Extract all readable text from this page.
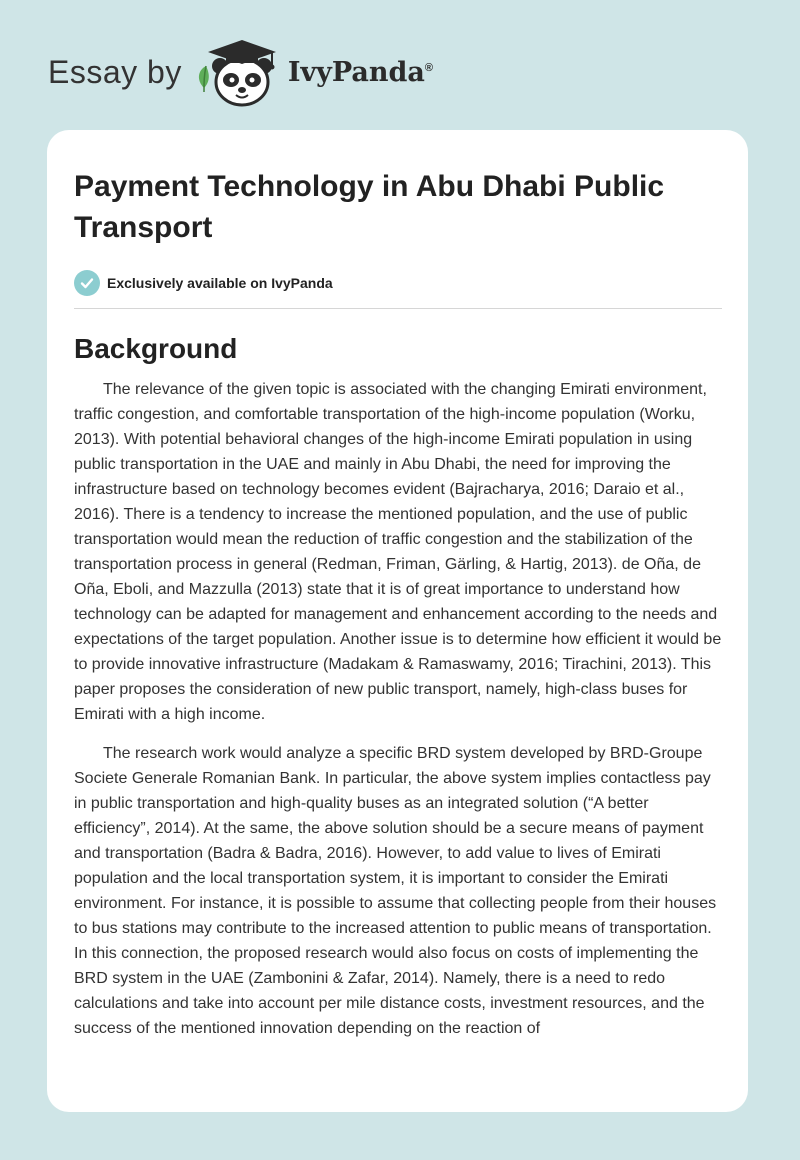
Essay by	IvyPanda®
Payment Technology in Abu Dhabi Public Transport
Exclusively available on IvyPanda
Background

The relevance of the given topic is associated with the changing Emirati environment, traffic congestion, and comfortable transportation of the high-income population (Worku, 2013). With potential behavioral changes of the high-income Emirati population in using public transportation in the UAE and mainly in Abu Dhabi, the need for improving the infrastructure based on technology becomes evident (Bajracharya, 2016; Daraio et al., 2016). There is a tendency to increase the mentioned population, and the use of public transportation would mean the reduction of traffic congestion and the stabilization of the transportation process in general (Redman, Friman, Gärling, & Hartig, 2013). de Oña, de Oña, Eboli, and Mazzulla (2013) state that it is of great importance to understand how technology can be adapted for management and enhancement according to the needs and expectations of the target population. Another issue is to determine how efficient it would be to provide innovative infrastructure (Madakam & Ramaswamy, 2016; Tirachini, 2013). This paper proposes the consideration of new public transport, namely, high-class buses for Emirati with a high income.

The research work would analyze a specific BRD system developed by BRD-Groupe Societe Generale Romanian Bank. In particular, the above system implies contactless pay in public transportation and high-quality buses as an integrated solution (“A better efficiency”, 2014). At the same, the above solution should be a secure means of payment and transportation (Badra & Badra, 2016). However, to add value to lives of Emirati population and the local transportation system, it is important to consider the Emirati environment. For instance, it is possible to assume that collecting people from their houses to bus stations may contribute to the increased attention to public means of transportation. In this connection, the proposed research would also focus on costs of implementing the BRD system in the UAE (Zambonini & Zafar, 2014). Namely, there is a need to redo calculations and take into account per mile distance costs, investment resources, and the success of the mentioned innovation depending on the reaction of
